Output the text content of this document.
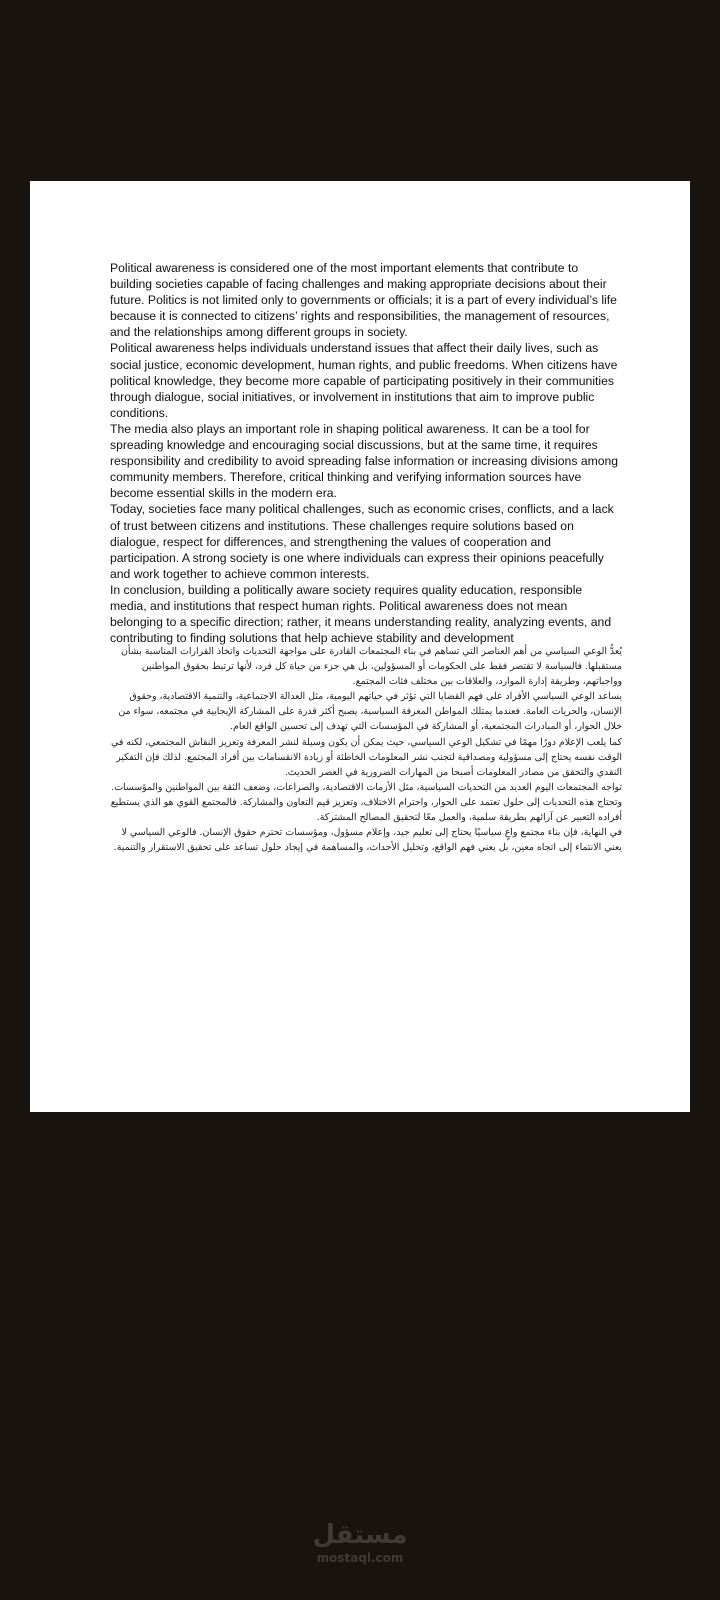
Political awareness is considered one of the most important elements that contribute to building societies capable of facing challenges and making appropriate decisions about their future. Politics is not limited only to governments or officials; it is a part of every individual’s life because it is connected to citizens’ rights and responsibilities, the management of resources, and the relationships among different groups in society.

Political awareness helps individuals understand issues that affect their daily lives, such as social justice, economic development, human rights, and public freedoms. When citizens have political knowledge, they become more capable of participating positively in their communities through dialogue, social initiatives, or involvement in institutions that aim to improve public conditions.

The media also plays an important role in shaping political awareness. It can be a tool for spreading knowledge and encouraging social discussions, but at the same time, it requires responsibility and credibility to avoid spreading false information or increasing divisions among community members. Therefore, critical thinking and verifying information sources have become essential skills in the modern era.

Today, societies face many political challenges, such as economic crises, conflicts, and a lack of trust between citizens and institutions. These challenges require solutions based on dialogue, respect for differences, and strengthening the values of cooperation and participation. A strong society is one where individuals can express their opinions peacefully and work together to achieve common interests.

In conclusion, building a politically aware society requires quality education, responsible media, and institutions that respect human rights. Political awareness does not mean belonging to a specific direction; rather, it means understanding reality, analyzing events, and contributing to finding solutions that help achieve stability and development

يُعدُّ الوعي السياسي من أهم العناصر التي تساهم في بناء المجتمعات القادرة على مواجهة التحديات واتخاذ القرارات المناسبة بشأن مستقبلها. فالسياسة لا تقتصر فقط على الحكومات أو المسؤولين، بل هي جزء من حياة كل فرد، لأنها ترتبط بحقوق المواطنين وواجباتهم، وطريقة إدارة الموارد، والعلاقات بين مختلف فئات المجتمع.

يساعد الوعي السياسي الأفراد على فهم القضايا التي تؤثر في حياتهم اليومية، مثل العدالة الاجتماعية، والتنمية الاقتصادية، وحقوق الإنسان، والحريات العامة. فعندما يمتلك المواطن المعرفة السياسية، يصبح أكثر قدرة على المشاركة الإيجابية في مجتمعه، سواء من خلال الحوار، أو المبادرات المجتمعية، أو المشاركة في المؤسسات التي تهدف إلى تحسين الواقع العام.

كما يلعب الإعلام دورًا مهمًا في تشكيل الوعي السياسي، حيث يمكن أن يكون وسيلة لنشر المعرفة وتعزيز النقاش المجتمعي، لكنه في الوقت نفسه يحتاج إلى مسؤولية ومصداقية لتجنب نشر المعلومات الخاطئة أو زيادة الانقسامات بين أفراد المجتمع. لذلك فإن التفكير النقدي والتحقق من مصادر المعلومات أصبحا من المهارات الضرورية في العصر الحديث.

تواجه المجتمعات اليوم العديد من التحديات السياسية، مثل الأزمات الاقتصادية، والصراعات، وضعف الثقة بين المواطنين والمؤسسات. وتحتاج هذه التحديات إلى حلول تعتمد على الحوار، واحترام الاختلاف، وتعزيز قيم التعاون والمشاركة. فالمجتمع القوي هو الذي يستطيع أفراده التعبير عن آرائهم بطريقة سلمية، والعمل معًا لتحقيق المصالح المشتركة.

في النهاية، فإن بناء مجتمع واعٍ سياسيًا يحتاج إلى تعليم جيد، وإعلام مسؤول، ومؤسسات تحترم حقوق الإنسان. فالوعي السياسي لا يعني الانتماء إلى اتجاه معين، بل يعني فهم الواقع، وتحليل الأحداث، والمساهمة في إيجاد حلول تساعد على تحقيق الاستقرار والتنمية.

مستقل
mostaql.com
